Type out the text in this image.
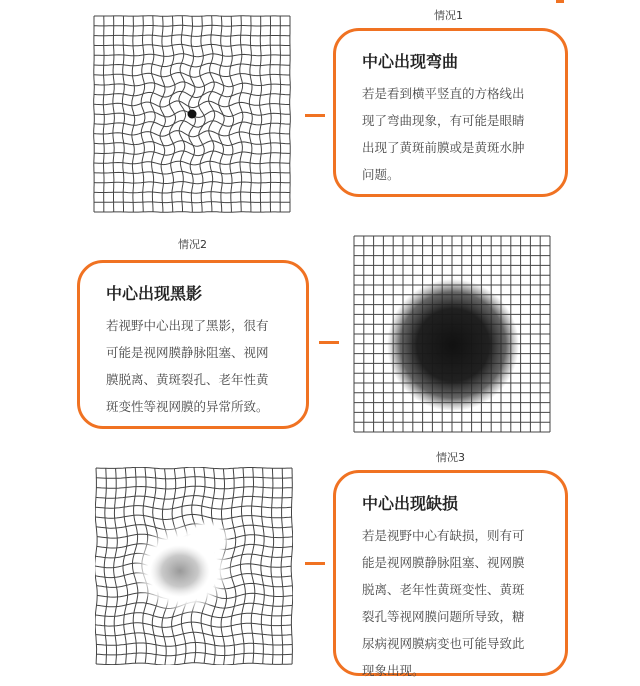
情况1
中心出现弯曲
若是看到横平竖直的方格线出
现了弯曲现象，有可能是眼睛
出现了黄斑前膜或是黄斑水肿
问题。
情况2
中心出现黑影
若视野中心出现了黑影，很有
可能是视网膜静脉阻塞、视网
膜脱离、黄斑裂孔、老年性黄
斑变性等视网膜的异常所致。
情况3
中心出现缺损
若是视野中心有缺损，则有可
能是视网膜静脉阻塞、视网膜
脱离、老年性黄斑变性、黄斑
裂孔等视网膜问题所导致，糖
尿病视网膜病变也可能导致此
现象出现。
